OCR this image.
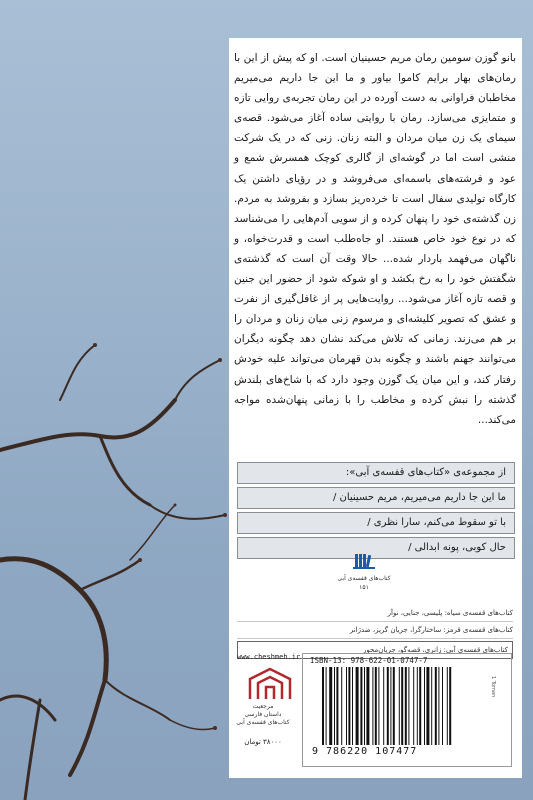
بانو گوزن سومین رمان مریم حسینیان است. او که پیش از این با رمان‌های بهار برایم کاموا بیاور و ما این جا داریم می‌میریم مخاطبان فراوانی به دست آورده در این رمان تجربه‌ی روایی تازه و متمایزی می‌سازد. رمان با روایتی ساده آغاز می‌شود. قصه‌ی سیمای یک زن میان مردان و البته زنان. زنی که در یک شرکت منشی است اما در گوشه‌ای از گالری کوچک همسرش شمع و عود و فرشته‌های باسمه‌ای می‌فروشد و در رؤیای داشتن یک کارگاه تولیدی سفال است تا خرده‌ریز بسازد و بفروشد به مردم. زن گذشته‌ی خود را پنهان کرده و از سویی آدم‌هایی را می‌شناسد که در نوع خود خاص هستند. او جاه‌طلب است و قدرت‌خواه، و ناگهان می‌فهمد باردار شده... حالا وقت آن است که گذشته‌ی شگفتش خود را به رخ بکشد و او شوکه شود از حضور این جنین و قصه تازه آغاز می‌شود... روایت‌هایی پر از غافل‌گیری از نفرت و عشق که تصویر کلیشه‌ای و مرسوم زنی میان زنان و مردان را بر هم می‌زند. زمانی که تلاش می‌کند نشان دهد چگونه دیگران می‌توانند جهنم باشند و چگونه بدن قهرمان می‌تواند علیه خودش رفتار کند، و این میان یک گوزن وجود دارد که با شاخ‌های بلندش گذشته را نبش کرده و مخاطب را با زمانی پنهان‌شده مواجه می‌کند...

از مجموعه‌ی «کتاب‌های قفسه‌ی آبی»:
ما این جا داریم می‌میریم، مریم حسینیان /
با تو سقوط می‌کنم، سارا نظری /
حال کوبی، پونه ابدالی /
کتاب‌های قفسه‌ی آبی
۱۵۱
کتاب‌های قفسه‌ی سیاه: پلیسی، جنایی، نوآر
کتاب‌های قفسه‌ی قرمز: ساختارگرا، جریان گریز، ضدژانر
کتاب‌های قفسه‌ی آبی: زانری، قصه‌گو، جریان‌محور
www.cheshmeh.ir
مرجعیت
داستان فارسی
کتاب‌های قفسه‌ی آبی
۳۸۰۰۰ تومان
ISBN-13: 978-622-01-0747-7
9 786220 107477
1 Toman
